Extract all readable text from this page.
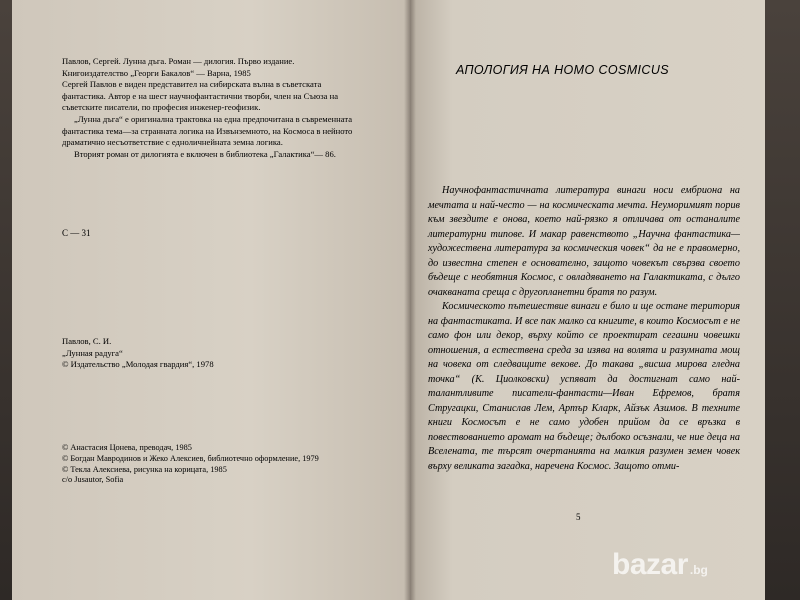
Павлов, Сергей. Лунна дъга. Роман — дилогия. Първо издание. Книгоиздателство „Георги Бакалов“ — Варна, 1985

Сергей Павлов е виден представител на сибирската вълна в съветската фантастика. Автор е на шест научнофантастични творби, член на Съюза на съветските писатели, по професия инженер-геофизик.

„Лунна дъга“ е оригинална трактовка на една предпочитана в съвременната фантастика тема—за странната логика на Извънземното, на Космоса в нейното драматично несъответствие с едноличнейната земна логика.

Вторият роман от дилогията е включен в библиотека „Галактика“— 86.

С — 31

Павлов, С. И.

„Лунная радуга“

© Издательство „Молодая гвардия“, 1978

© Анастасия Цонева, преводач, 1985

© Богдан Мавродинов и Жеко Алексиев, библиотечно оформление, 1979

© Текла Алексиева, рисунка на корицата, 1985

c/o Jusautor, Sofia

АПОЛОГИЯ НА HOMO COSMICUS

Научнофантастичната литература винаги носи ембриона на мечтата и най-често — на космическата мечта. Неуморимият порив към звездите е онова, което най-рязко я отличава от останалите литературни типове. И макар равенството „Научна фантастика—художествена литература за космическия човек“ да не е правомерно, до известна степен е основателно, защото човекът свързва своето бъдеще с необятния Космос, с овладяването на Галактиката, с дълго очакваната среща с другопланетни братя по разум.

Космическото пътешествие винаги е било и ще остане територия на фантастиката. И все пак малко са книгите, в които Космосът е не само фон или декор, върху който се проектират сегашни човешки отношения, а естествена среда за изява на волята и разумната мощ на човека от следващите векове. До такава „висша мирова гледна точка“ (К. Циолковски) успяват да достигнат само най-талантливите писатели-фантасти—Иван Ефремов, братя Стругацки, Станислав Лем, Артър Кларк, Айзък Азимов. В техните книги Космосът е не само удобен прийом да се връзка в повествованието аромат на бъдеще; дълбоко осъзнали, че ние деца на Вселената, те търсят очертанията на малкия разумен земен човек върху великата загадка, наречена Космос. Защото отми-

5
bazar .bg
